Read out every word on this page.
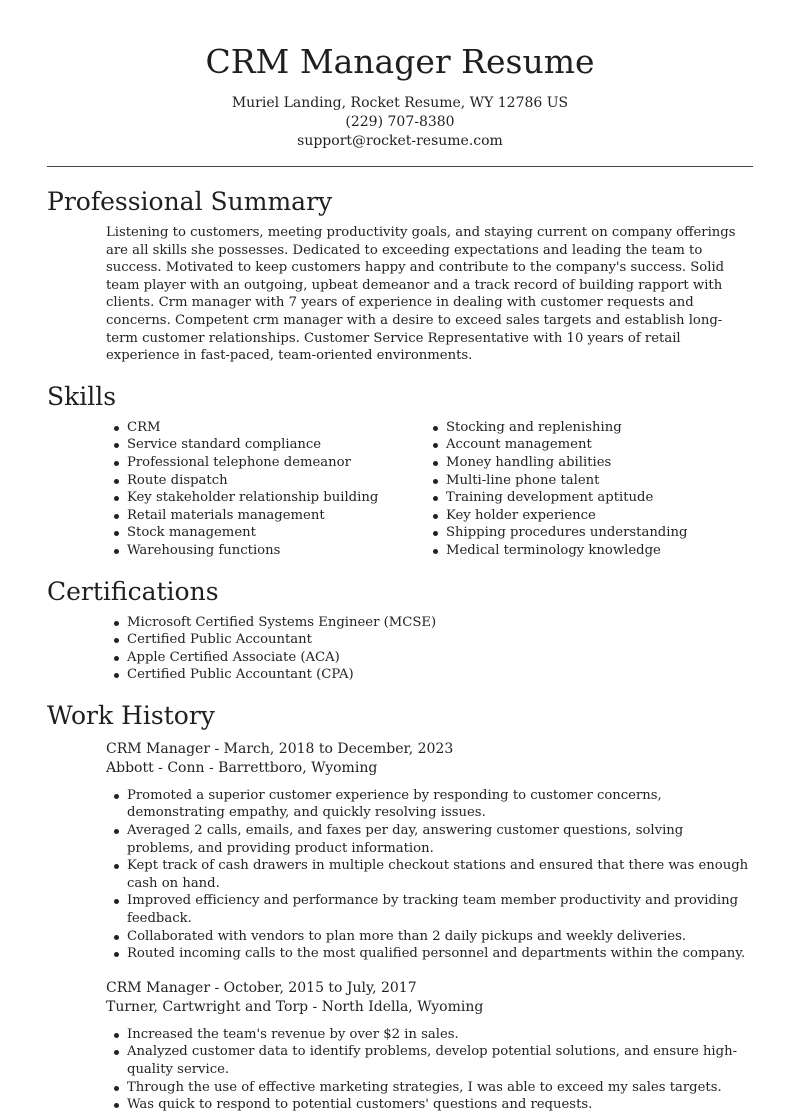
CRM Manager Resume
Muriel Landing, Rocket Resume, WY 12786 US
(229) 707-8380
support@rocket-resume.com
Professional Summary

Listening to customers, meeting productivity goals, and staying current on company offerings are all skills she possesses. Dedicated to exceeding expectations and leading the team to success. Motivated to keep customers happy and contribute to the company's success. Solid team player with an outgoing, upbeat demeanor and a track record of building rapport with clients. Crm manager with 7 years of experience in dealing with customer requests and concerns. Competent crm manager with a desire to exceed sales targets and establish long-term customer relationships. Customer Service Representative with 10 years of retail experience in fast-paced, team-oriented environments.

Skills
CRM
Service standard compliance
Professional telephone demeanor
Route dispatch
Key stakeholder relationship building
Retail materials management
Stock management
Warehousing functions
Stocking and replenishing
Account management
Money handling abilities
Multi-line phone talent
Training development aptitude
Key holder experience
Shipping procedures understanding
Medical terminology knowledge
Certifications
Microsoft Certified Systems Engineer (MCSE)
Certified Public Accountant
Apple Certified Associate (ACA)
Certified Public Accountant (CPA)
Work History
CRM Manager - March, 2018 to December, 2023
Abbott - Conn - Barrettboro, Wyoming
Promoted a superior customer experience by responding to customer concerns, demonstrating empathy, and quickly resolving issues.
Averaged 2 calls, emails, and faxes per day, answering customer questions, solving problems, and providing product information.
Kept track of cash drawers in multiple checkout stations and ensured that there was enough cash on hand.
Improved efficiency and performance by tracking team member productivity and providing feedback.
Collaborated with vendors to plan more than 2 daily pickups and weekly deliveries.
Routed incoming calls to the most qualified personnel and departments within the company.
CRM Manager - October, 2015 to July, 2017
Turner, Cartwright and Torp - North Idella, Wyoming
Increased the team's revenue by over $2 in sales.
Analyzed customer data to identify problems, develop potential solutions, and ensure high-quality service.
Through the use of effective marketing strategies, I was able to exceed my sales targets.
Was quick to respond to potential customers' questions and requests.
